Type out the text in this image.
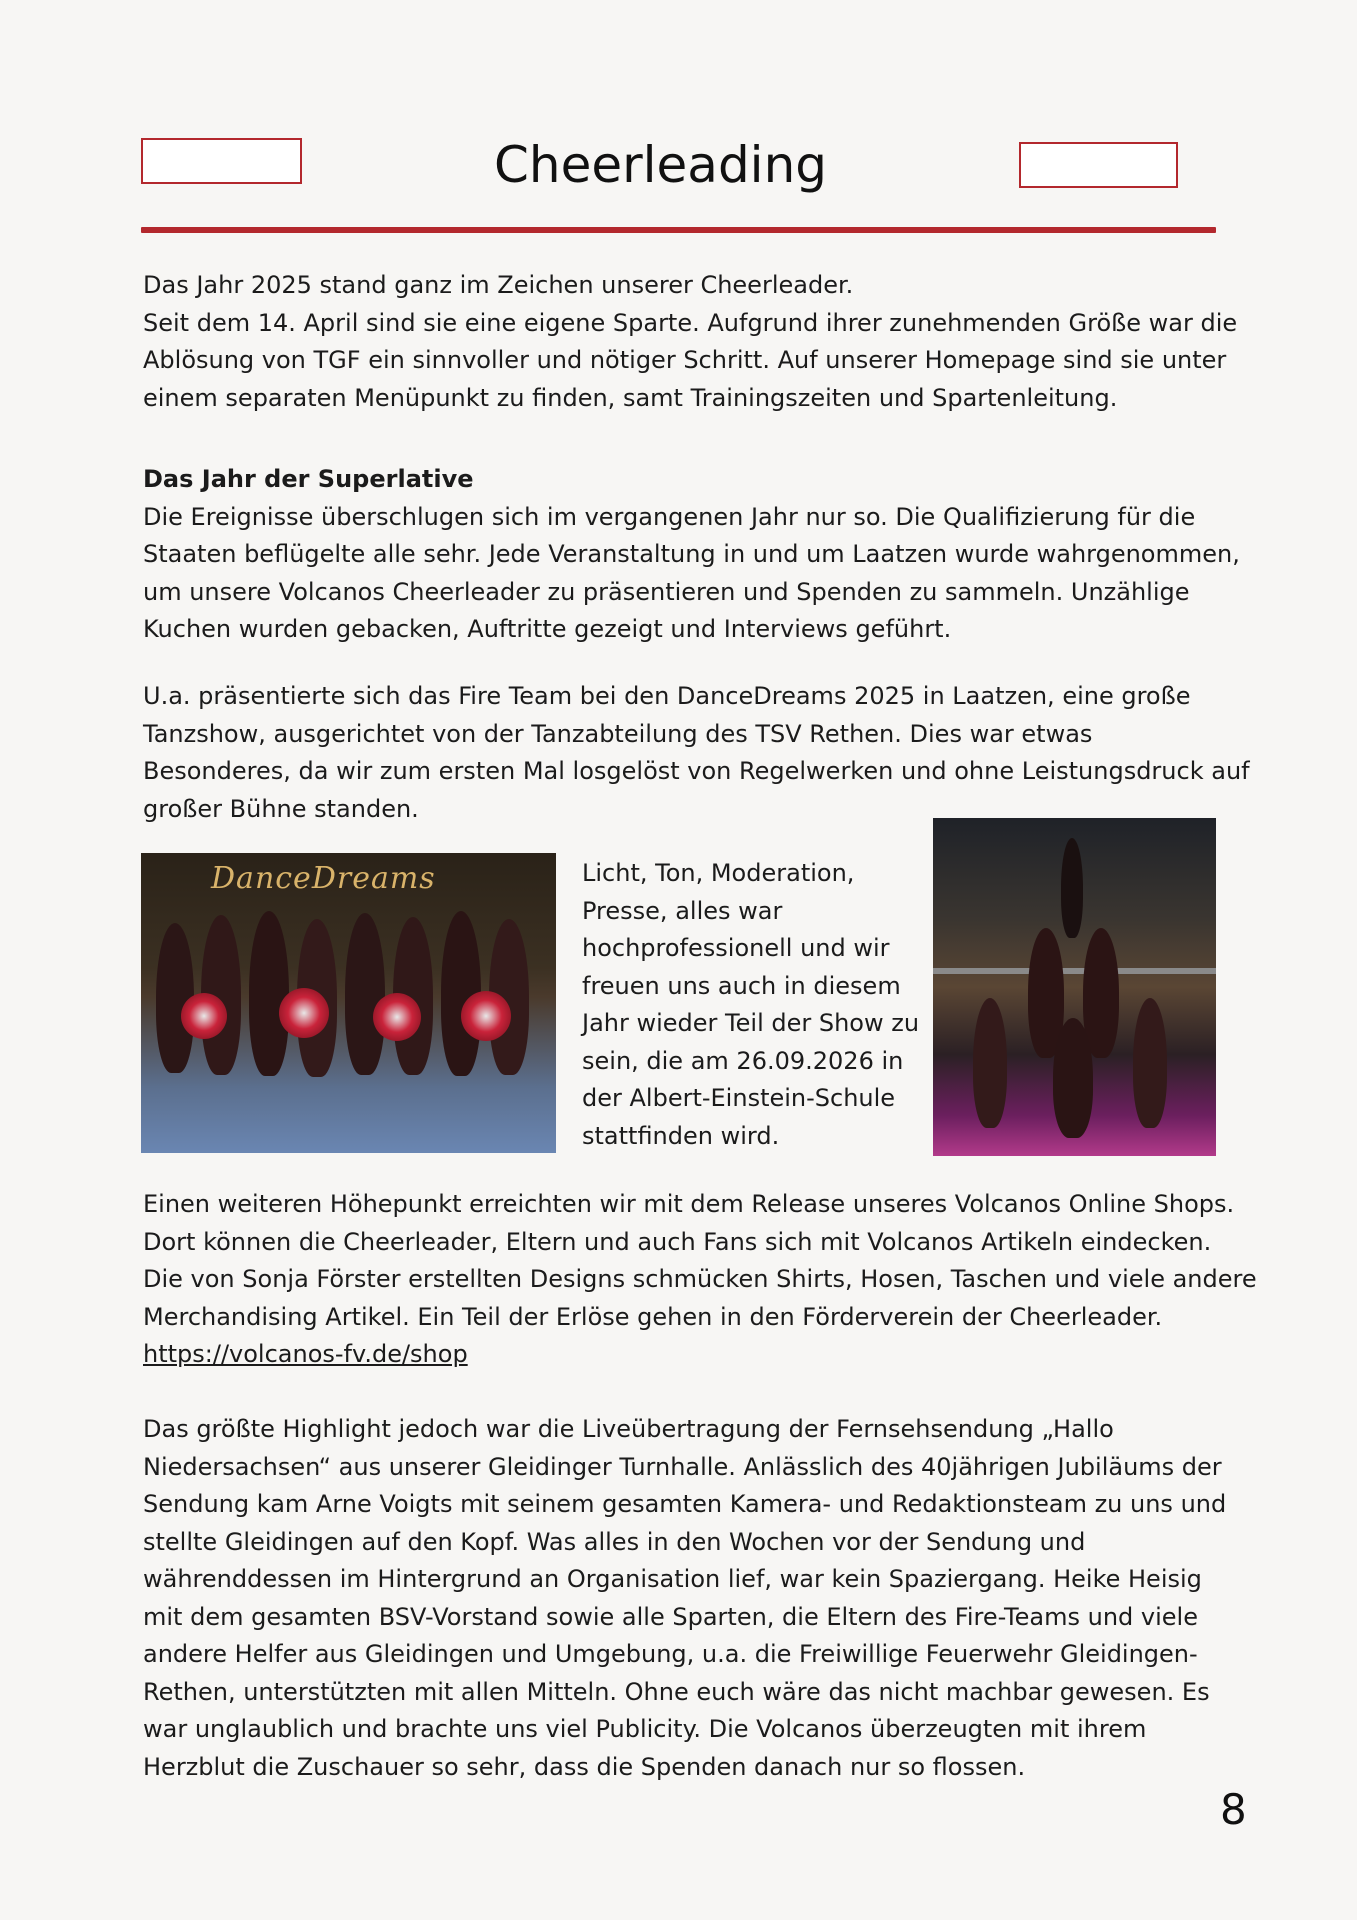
Cheerleading

Das Jahr 2025 stand ganz im Zeichen unserer Cheerleader.
Seit dem 14. April sind sie eine eigene Sparte. Aufgrund ihrer zunehmenden Größe war die
Ablösung von TGF ein sinnvoller und nötiger Schritt. Auf unserer Homepage sind sie unter
einem separaten Menüpunkt zu finden, samt Trainingszeiten und Spartenleitung.

Das Jahr der Superlative
Die Ereignisse überschlugen sich im vergangenen Jahr nur so. Die Qualifizierung für die
Staaten beflügelte alle sehr. Jede Veranstaltung in und um Laatzen wurde wahrgenommen,
um unsere Volcanos Cheerleader zu präsentieren und Spenden zu sammeln. Unzählige
Kuchen wurden gebacken, Auftritte gezeigt und Interviews geführt.

U.a. präsentierte sich das Fire Team bei den DanceDreams 2025 in Laatzen, eine große
Tanzshow, ausgerichtet von der Tanzabteilung des TSV Rethen. Dies war etwas
Besonderes, da wir zum ersten Mal losgelöst von Regelwerken und ohne Leistungsdruck auf
großer Bühne standen.

DanceDreams	Licht, Ton, Moderation,
Presse, alles war
hochprofessionell und wir
freuen uns auch in diesem
Jahr wieder Teil der Show zu
sein, die am 26.09.2026 in
der Albert-Einstein-Schule
stattfinden wird.

Einen weiteren Höhepunkt erreichten wir mit dem Release unseres Volcanos Online Shops.
Dort können die Cheerleader, Eltern und auch Fans sich mit Volcanos Artikeln eindecken.
Die von Sonja Förster erstellten Designs schmücken Shirts, Hosen, Taschen und viele andere
Merchandising Artikel. Ein Teil der Erlöse gehen in den Förderverein der Cheerleader.
https://volcanos-fv.de/shop

Das größte Highlight jedoch war die Liveübertragung der Fernsehsendung „Hallo
Niedersachsen“ aus unserer Gleidinger Turnhalle. Anlässlich des 40jährigen Jubiläums der
Sendung kam Arne Voigts mit seinem gesamten Kamera- und Redaktionsteam zu uns und
stellte Gleidingen auf den Kopf. Was alles in den Wochen vor der Sendung und
währenddessen im Hintergrund an Organisation lief, war kein Spaziergang. Heike Heisig
mit dem gesamten BSV-Vorstand sowie alle Sparten, die Eltern des Fire-Teams und viele
andere Helfer aus Gleidingen und Umgebung, u.a. die Freiwillige Feuerwehr Gleidingen-
Rethen, unterstützten mit allen Mitteln. Ohne euch wäre das nicht machbar gewesen. Es
war unglaublich und brachte uns viel Publicity. Die Volcanos überzeugten mit ihrem
Herzblut die Zuschauer so sehr, dass die Spenden danach nur so flossen.

8
